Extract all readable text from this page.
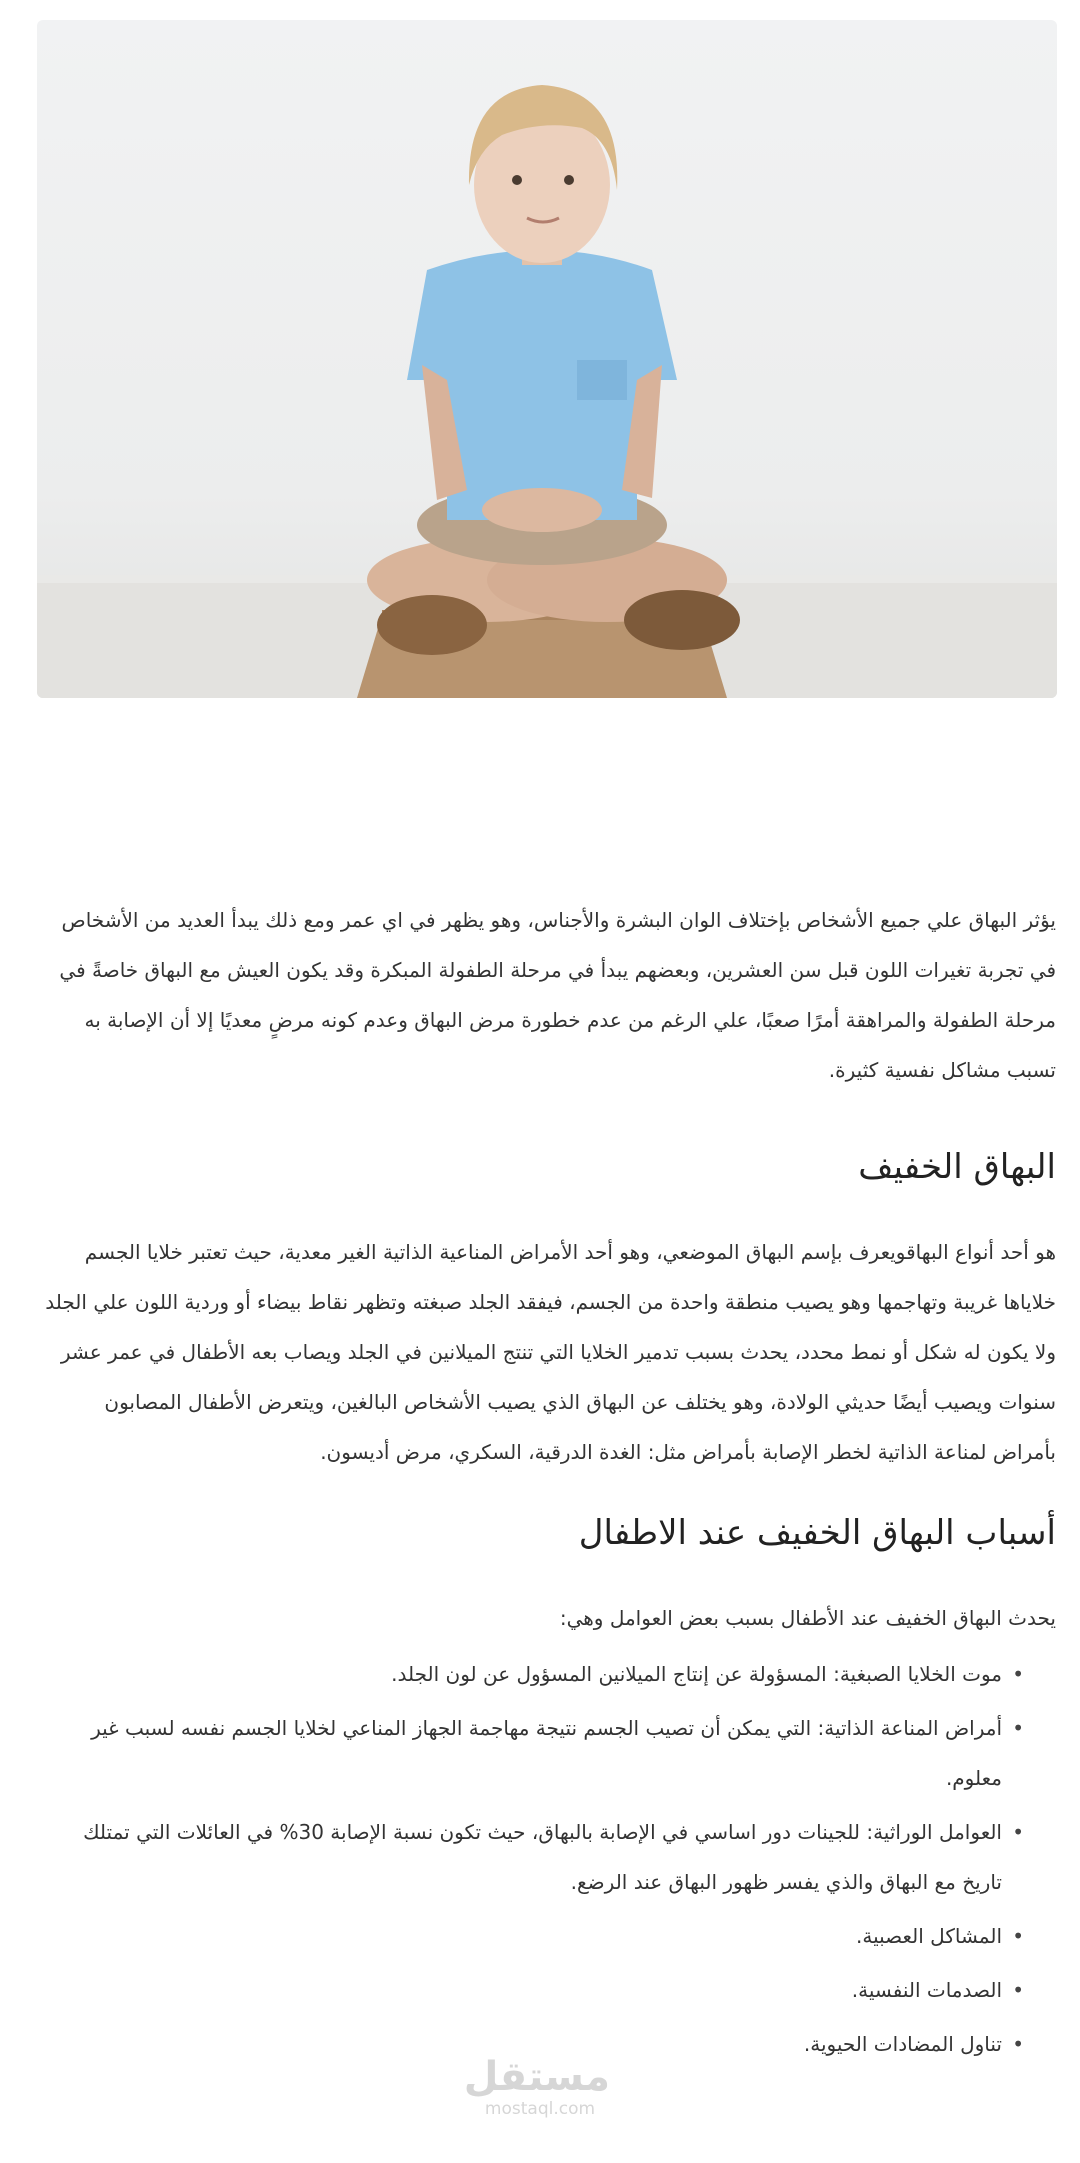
يؤثر البهاق علي جميع الأشخاص بإختلاف الوان البشرة والأجناس، وهو يظهر في اي عمر ومع ذلك يبدأ العديد من الأشخاص في تجربة تغيرات اللون قبل سن العشرين، وبعضهم يبدأ في مرحلة الطفولة المبكرة وقد يكون العيش مع البهاق خاصةً في مرحلة الطفولة والمراهقة أمرًا صعبًا، علي الرغم من عدم خطورة مرض البهاق وعدم كونه مرضٍ معديًا إلا أن الإصابة به تسبب مشاكل نفسية كثيرة.

البهاق الخفيف

هو أحد أنواع البهاقويعرف بإسم البهاق الموضعي، وهو أحد الأمراض المناعية الذاتية الغير معدية، حيث تعتبر خلايا الجسم خلاياها غريبة وتهاجمها وهو يصيب منطقة واحدة من الجسم، فيفقد الجلد صبغته وتظهر نقاط بيضاء أو وردية اللون علي الجلد ولا يكون له شكل أو نمط محدد، يحدث بسبب تدمير الخلايا التي تنتج الميلانين في الجلد ويصاب بعه الأطفال في عمر عشر سنوات ويصيب أيضًا حديثي الولادة، وهو يختلف عن البهاق الذي يصيب الأشخاص البالغين، ويتعرض الأطفال المصابون بأمراض لمناعة الذاتية لخطر الإصابة بأمراض مثل: الغدة الدرقية، السكري، مرض أديسون.

أسباب البهاق الخفيف عند الاطفال

يحدث البهاق الخفيف عند الأطفال بسبب بعض العوامل وهي:

• موت الخلايا الصبغية: المسؤولة عن إنتاج الميلانين المسؤول عن لون الجلد.
• أمراض المناعة الذاتية: التي يمكن أن تصيب الجسم نتيجة مهاجمة الجهاز المناعي لخلايا الجسم نفسه لسبب غير معلوم.
• العوامل الوراثية: للجينات دور اساسي في الإصابة بالبهاق، حيث تكون نسبة الإصابة 30% في العائلات التي تمتلك تاريخ مع البهاق والذي يفسر ظهور البهاق عند الرضع.
• المشاكل العصبية.
• الصدمات النفسية.
• تناول المضادات الحيوية.
مستقل
mostaql.com
